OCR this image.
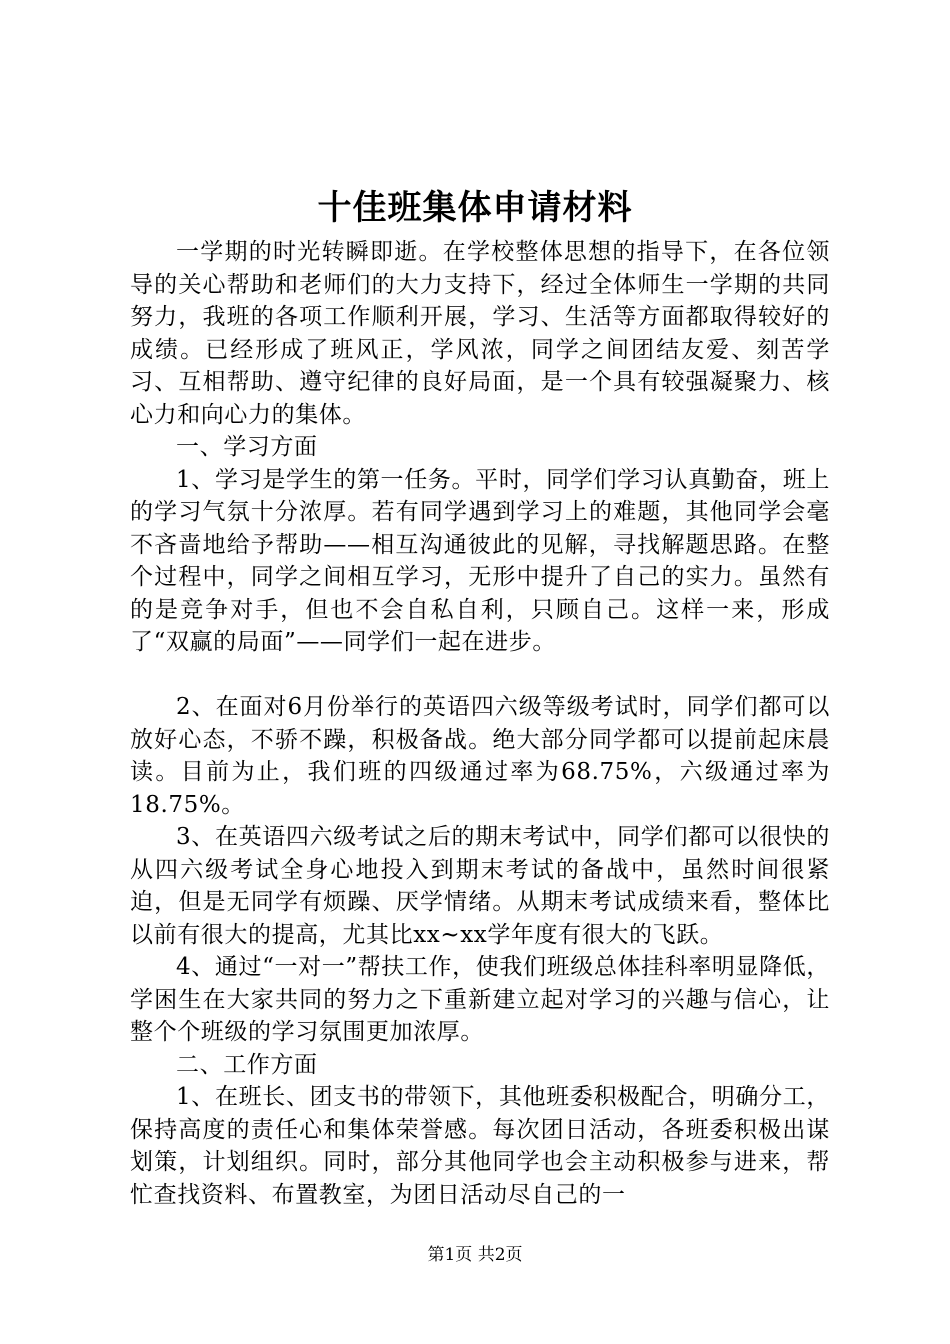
十佳班集体申请材料

一学期的时光转瞬即逝。在学校整体思想的指导下，在各位领导的关心帮助和老师们的大力支持下，经过全体师生一学期的共同努力，我班的各项工作顺利开展，学习、生活等方面都取得较好的成绩。已经形成了班风正，学风浓，同学之间团结友爱、刻苦学习、互相帮助、遵守纪律的良好局面，是一个具有较强凝聚力、核心力和向心力的集体。

一、学习方面

1、学习是学生的第一任务。平时，同学们学习认真勤奋，班上的学习气氛十分浓厚。若有同学遇到学习上的难题，其他同学会毫不吝啬地给予帮助——相互沟通彼此的见解，寻找解题思路。在整个过程中，同学之间相互学习，无形中提升了自己的实力。虽然有的是竞争对手，但也不会自私自利，只顾自己。这样一来，形成了“双赢的局面”——同学们一起在进步。

2、在面对6月份举行的英语四六级等级考试时，同学们都可以放好心态，不骄不躁，积极备战。绝大部分同学都可以提前起床晨读。目前为止，我们班的四级通过率为68.75%，六级通过率为18.75%。

3、在英语四六级考试之后的期末考试中，同学们都可以很快的从四六级考试全身心地投入到期末考试的备战中，虽然时间很紧迫，但是无同学有烦躁、厌学情绪。从期末考试成绩来看，整体比以前有很大的提高，尤其比xx~xx学年度有很大的飞跃。

4、通过“一对一”帮扶工作，使我们班级总体挂科率明显降低，学困生在大家共同的努力之下重新建立起对学习的兴趣与信心，让整个个班级的学习氛围更加浓厚。

二、工作方面

1、在班长、团支书的带领下，其他班委积极配合，明确分工，保持高度的责任心和集体荣誉感。每次团日活动，各班委积极出谋划策，计划组织。同时，部分其他同学也会主动积极参与进来，帮忙查找资料、布置教室，为团日活动尽自己的一

第1页 共2页
